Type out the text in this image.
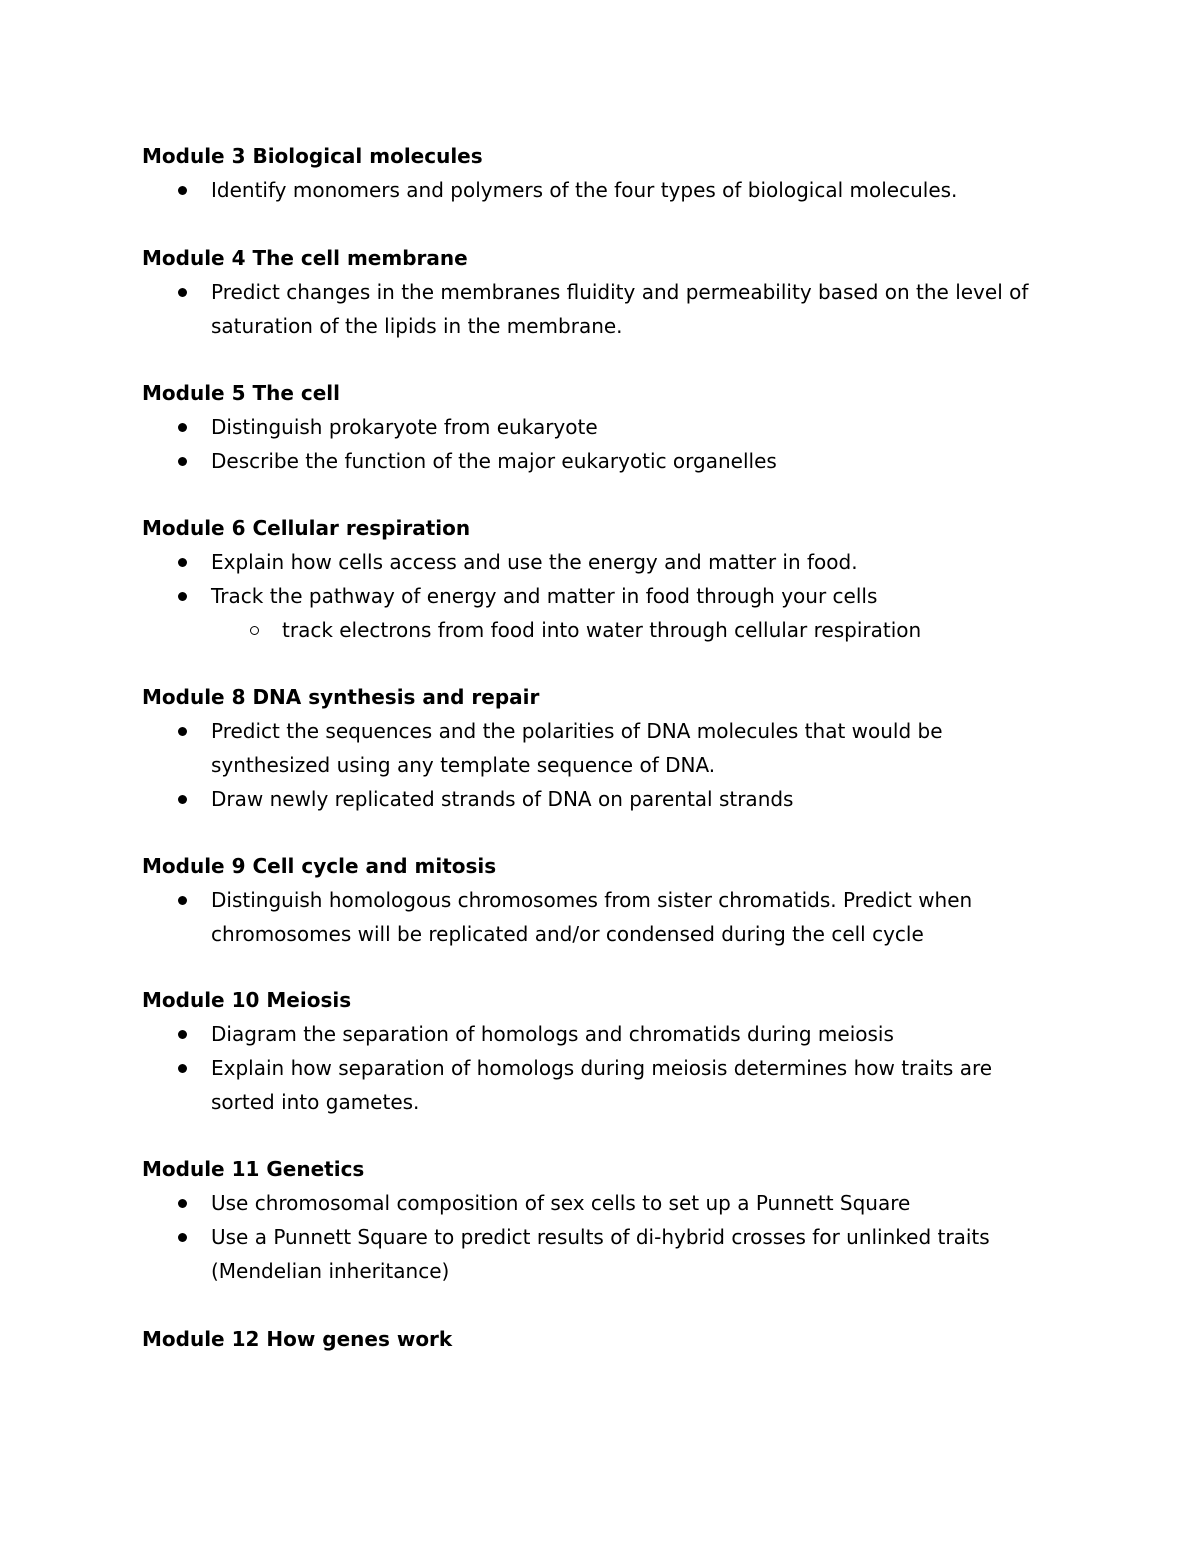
Module 3 Biological molecules
Identify monomers and polymers of the four types of biological molecules.
Module 4 The cell membrane
Predict changes in the membranes fluidity and permeability based on the level of saturation of the lipids in the membrane.
Module 5 The cell
Distinguish prokaryote from eukaryote
Describe the function of the major eukaryotic organelles
Module 6 Cellular respiration
Explain how cells access and use the energy and matter in food.
Track the pathway of energy and matter in food through your cells
track electrons from food into water through cellular respiration
Module 8 DNA synthesis and repair
Predict the sequences and the polarities of DNA molecules that would be synthesized using any template sequence of DNA.
Draw newly replicated strands of DNA on parental strands
Module 9 Cell cycle and mitosis
Distinguish homologous chromosomes from sister chromatids. Predict when chromosomes will be replicated and/or condensed during the cell cycle
Module 10 Meiosis
Diagram the separation of homologs and chromatids during meiosis
Explain how separation of homologs during meiosis determines how traits are sorted into gametes.
Module 11 Genetics
Use chromosomal composition of sex cells to set up a Punnett Square
Use a Punnett Square to predict results of di-hybrid crosses for unlinked traits (Mendelian inheritance)
Module 12 How genes work
